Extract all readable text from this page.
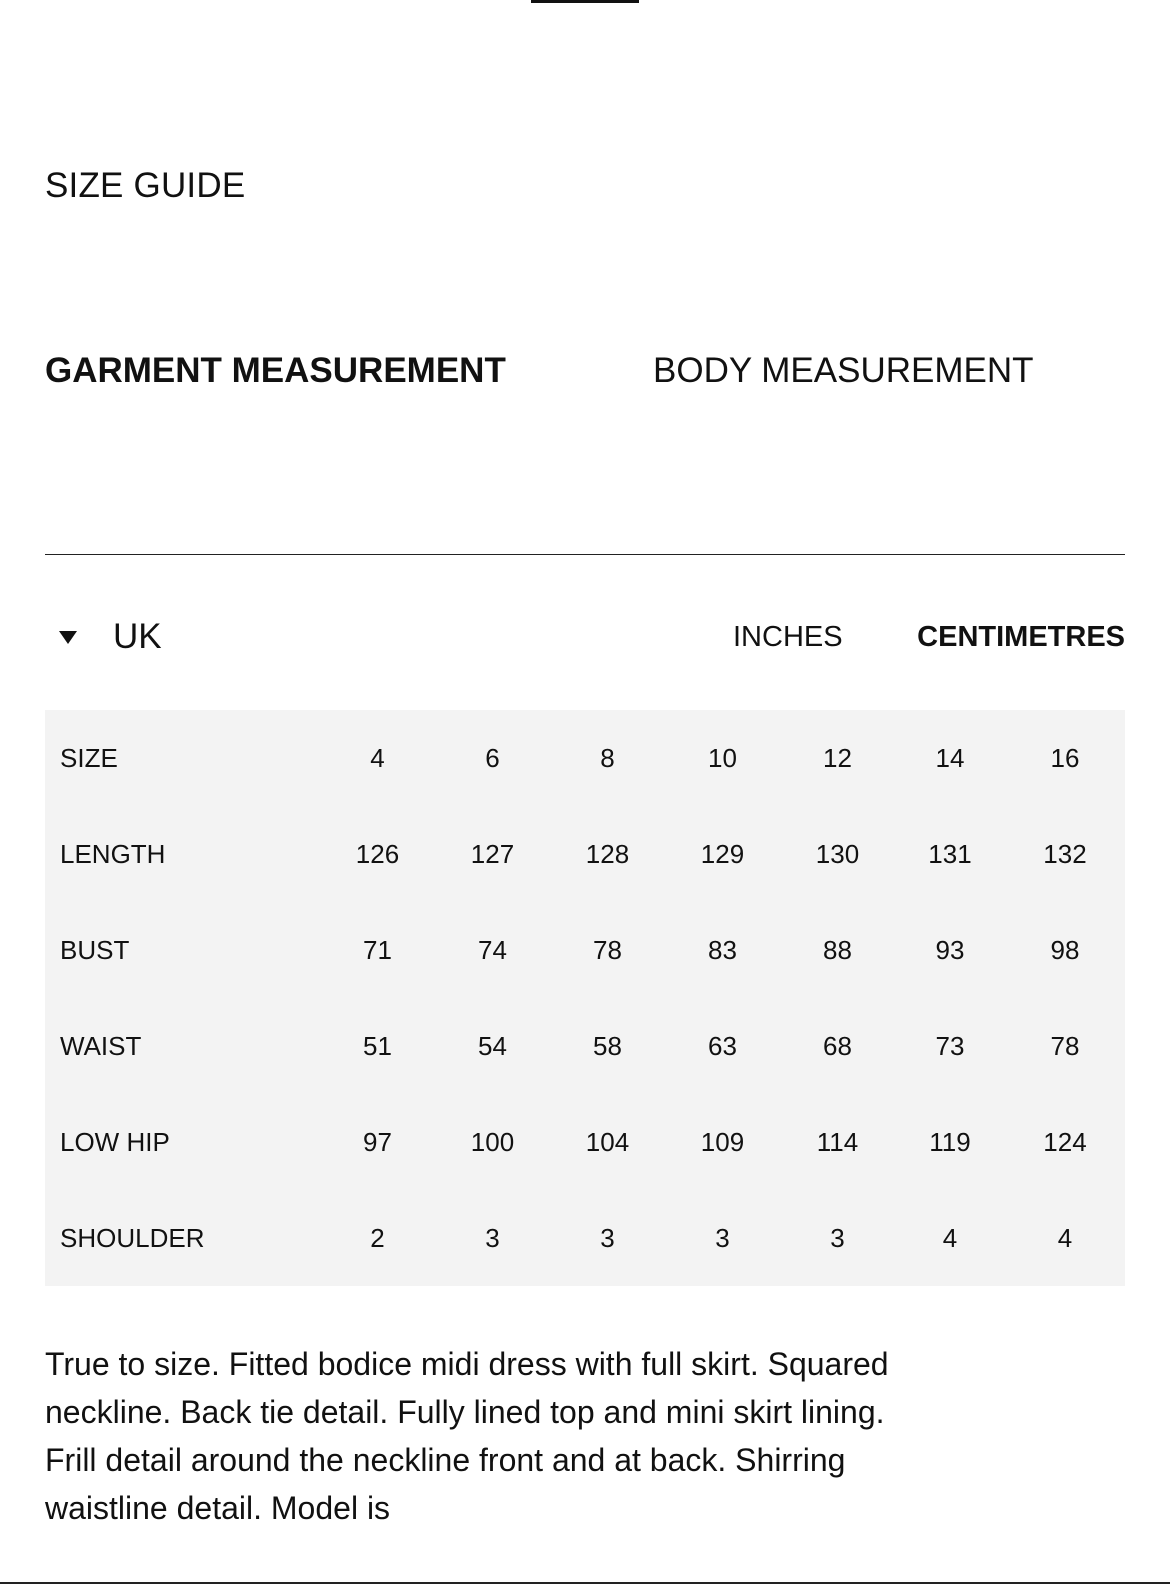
SIZE GUIDE
GARMENT MEASUREMENT	BODY MEASUREMENT
UK	INCHES	CENTIMETRES
SIZE	4	6	8	10	12	14	16
LENGTH	126	127	128	129	130	131	132
BUST	71	74	78	83	88	93	98
WAIST	51	54	58	63	68	73	78
LOW HIP	97	100	104	109	114	119	124
SHOULDER	2	3	3	3	3	4	4

True to size. Fitted bodice midi dress with full skirt. Squared neckline. Back tie detail. Fully lined top and mini skirt lining. Frill detail around the neckline front and at back. Shirring waistline detail. Model is
